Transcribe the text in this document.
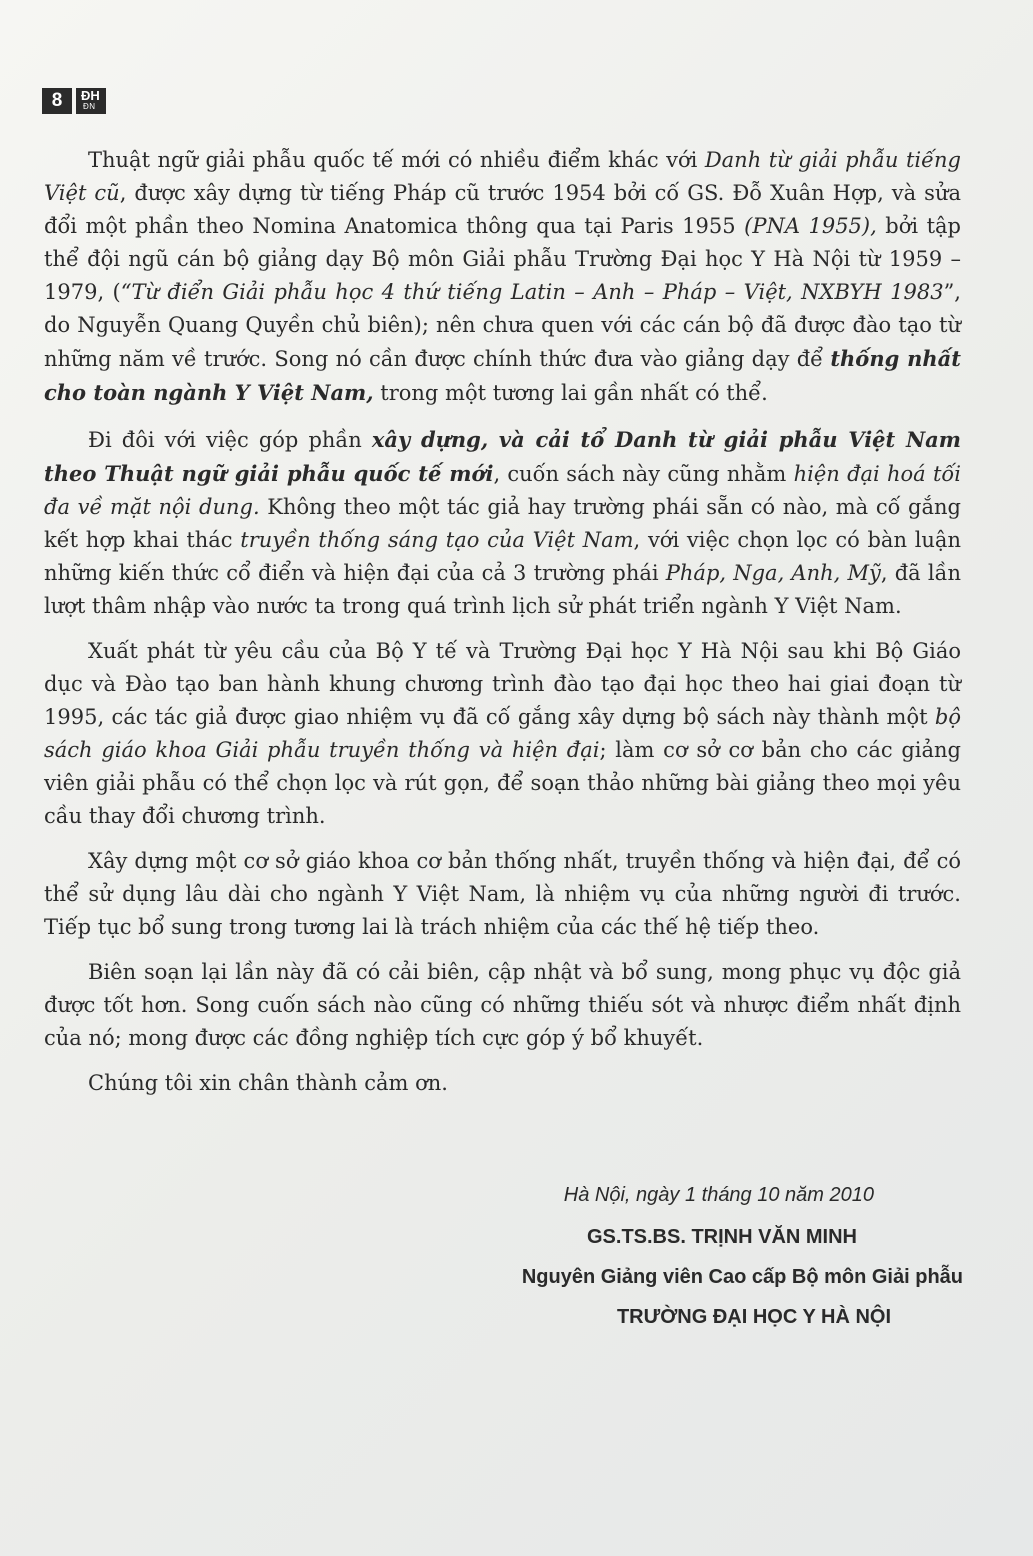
8	ĐH
ĐN

Thuật ngữ giải phẫu quốc tế mới có nhiều điểm khác với Danh từ giải phẫu tiếng Việt cũ, được xây dựng từ tiếng Pháp cũ trước 1954 bởi cố GS. Đỗ Xuân Hợp, và sửa đổi một phần theo Nomina Anatomica thông qua tại Paris 1955 (PNA 1955), bởi tập thể đội ngũ cán bộ giảng dạy Bộ môn Giải phẫu Trường Đại học Y Hà Nội từ 1959 – 1979, (“Từ điển Giải phẫu học 4 thứ tiếng Latin – Anh – Pháp – Việt, NXBYH 1983”, do Nguyễn Quang Quyền chủ biên); nên chưa quen với các cán bộ đã được đào tạo từ những năm về trước. Song nó cần được chính thức đưa vào giảng dạy để thống nhất cho toàn ngành Y Việt Nam, trong một tương lai gần nhất có thể.

Đi đôi với việc góp phần xây dựng, và cải tổ Danh từ giải phẫu Việt Nam theo Thuật ngữ giải phẫu quốc tế mới, cuốn sách này cũng nhằm hiện đại hoá tối đa về mặt nội dung. Không theo một tác giả hay trường phái sẵn có nào, mà cố gắng kết hợp khai thác truyền thống sáng tạo của Việt Nam, với việc chọn lọc có bàn luận những kiến thức cổ điển và hiện đại của cả 3 trường phái Pháp, Nga, Anh, Mỹ, đã lần lượt thâm nhập vào nước ta trong quá trình lịch sử phát triển ngành Y Việt Nam.

Xuất phát từ yêu cầu của Bộ Y tế và Trường Đại học Y Hà Nội sau khi Bộ Giáo dục và Đào tạo ban hành khung chương trình đào tạo đại học theo hai giai đoạn từ 1995, các tác giả được giao nhiệm vụ đã cố gắng xây dựng bộ sách này thành một bộ sách giáo khoa Giải phẫu truyền thống và hiện đại; làm cơ sở cơ bản cho các giảng viên giải phẫu có thể chọn lọc và rút gọn, để soạn thảo những bài giảng theo mọi yêu cầu thay đổi chương trình.

Xây dựng một cơ sở giáo khoa cơ bản thống nhất, truyền thống và hiện đại, để có thể sử dụng lâu dài cho ngành Y Việt Nam, là nhiệm vụ của những người đi trước. Tiếp tục bổ sung trong tương lai là trách nhiệm của các thế hệ tiếp theo.

Biên soạn lại lần này đã có cải biên, cập nhật và bổ sung, mong phục vụ độc giả được tốt hơn. Song cuốn sách nào cũng có những thiếu sót và nhược điểm nhất định của nó; mong được các đồng nghiệp tích cực góp ý bổ khuyết.

Chúng tôi xin chân thành cảm ơn.

Hà Nội, ngày 1 tháng 10 năm 2010
GS.TS.BS. TRỊNH VĂN MINH
Nguyên Giảng viên Cao cấp Bộ môn Giải phẫu
TRƯỜNG ĐẠI HỌC Y HÀ NỘI
